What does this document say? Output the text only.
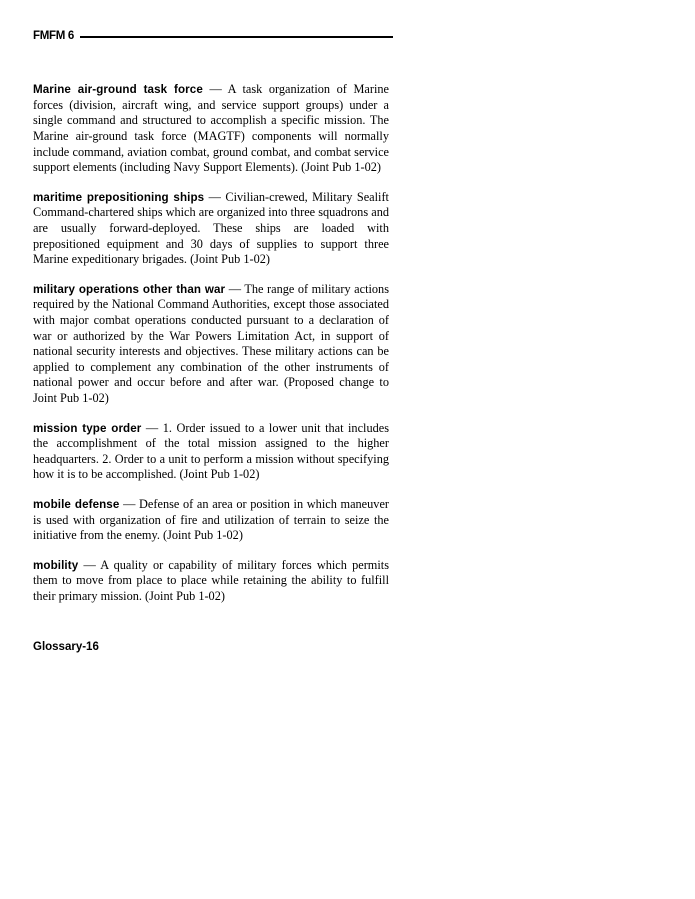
FMFM 6

Marine air-ground task force — A task organization of Marine forces (division, aircraft wing, and service support groups) under a single command and structured to accomplish a specific mission. The Marine air-ground task force (MAGTF) components will normally include command, aviation combat, ground combat, and combat service support elements (including Navy Support Elements). (Joint Pub 1-02)

maritime prepositioning ships — Civilian-crewed, Military Sealift Command-chartered ships which are organized into three squadrons and are usually forward-deployed. These ships are loaded with prepositioned equipment and 30 days of supplies to support three Marine expeditionary brigades. (Joint Pub 1-02)

military operations other than war — The range of military actions required by the National Command Authorities, except those associated with major combat operations conducted pursuant to a declaration of war or authorized by the War Powers Limitation Act, in support of national security interests and objectives. These military actions can be applied to complement any combination of the other instruments of national power and occur before and after war. (Proposed change to Joint Pub 1-02)

mission type order — 1. Order issued to a lower unit that includes the accomplishment of the total mission assigned to the higher headquarters. 2. Order to a unit to perform a mission without specifying how it is to be accomplished. (Joint Pub 1-02)

mobile defense — Defense of an area or position in which maneuver is used with organization of fire and utilization of terrain to seize the initiative from the enemy. (Joint Pub 1-02)

mobility — A quality or capability of military forces which permits them to move from place to place while retaining the ability to fulfill their primary mission. (Joint Pub 1-02)

Glossary-16
